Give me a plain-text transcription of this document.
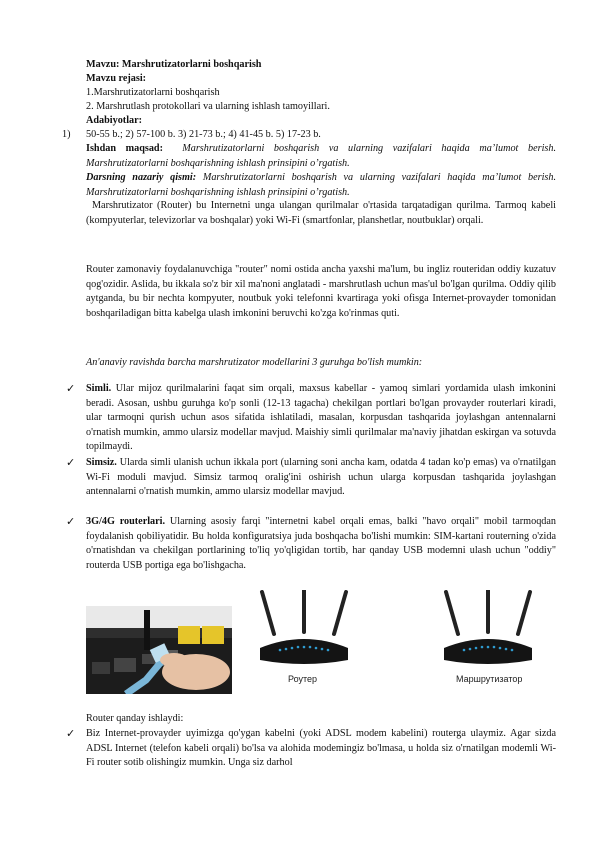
Mavzu: Marshrutizatorlarni boshqarish
Mavzu rejasi:
1.Marshrutizatorlarni boshqarish
2. Marshrutlash protokollari va ularning ishlash tamoyillari.
Adabiyotlar:
1) 50-55 b.; 2) 57-100 b. 3) 21-73 b.; 4) 41-45 b. 5) 17-23 b.
Ishdan maqsad: Marshrutizatorlarni boshqarish va ularning vazifalari haqida ma’lumot berish. Marshrutizatorlarni boshqarishning ishlash prinsipini o’rgatish.
Darsning nazariy qismi: Marshrutizatorlarni boshqarish va ularning vazifalari haqida ma’lumot berish. Marshrutizatorlarni boshqarishning ishlash prinsipini o’rgatish.
Marshrutizator (Router) bu Internetni unga ulangan qurilmalar o'rtasida tarqatadigan qurilma. Tarmoq kabeli (kompyuterlar, televizorlar va boshqalar) yoki Wi-Fi (smartfonlar, planshetlar, noutbuklar) orqali.
Router zamonaviy foydalanuvchiga "router" nomi ostida ancha yaxshi ma'lum, bu ingliz routeridan oddiy kuzatuv qog'ozidir. Aslida, bu ikkala so'z bir xil ma'noni anglatadi - marshrutlash uchun mas'ul bo'lgan qurilma. Oddiy qilib aytganda, bu bir nechta kompyuter, noutbuk yoki telefonni kvartiraga yoki ofisga Internet-provayder tomonidan boshqariladigan bitta kabelga ulash imkonini beruvchi ko'zga ko'rinmas quti.
An'anaviy ravishda barcha marshrutizator modellarini 3 guruhga bo'lish mumkin:
✓ Simli. Ular mijoz qurilmalarini faqat sim orqali, maxsus kabellar - yamoq simlari yordamida ulash imkonini beradi. Asosan, ushbu guruhga ko'p sonli (12-13 tagacha) chekilgan portlari bo'lgan provayder routerlari kiradi, ular tarmoqni qurish uchun asos sifatida ishlatiladi, masalan, korpusdan tashqarida joylashgan antennalarni o'rnatish mumkin, ammo ularsiz modellar mavjud. Maishiy simli qurilmalar ma'naviy jihatdan eskirgan va sotuvda topilmaydi.
✓ Simsiz. Ularda simli ulanish uchun ikkala port (ularning soni ancha kam, odatda 4 tadan ko'p emas) va o'rnatilgan Wi-Fi moduli mavjud. Simsiz tarmoq oralig'ini oshirish uchun ularga korpusdan tashqarida joylashgan antennalarni o'rnatish mumkin, ammo ularsiz modellar mavjud.
✓ 3G/4G routerlari. Ularning asosiy farqi "internetni kabel orqali emas, balki "havo orqali" mobil tarmoqdan foydalanish qobiliyatidir. Bu holda konfiguratsiya juda boshqacha bo'lishi mumkin: SIM-kartani routerning o'zida o'rnatishdan va chekilgan portlarining to'liq yo'qligidan tortib, har qanday USB modemni ulash uchun "oddiy" routerda USB portiga ega bo'lishgacha.
Роутер	Маршрутизатор
Router qanday ishlaydi:
✓ Biz Internet-provayder uyimizga qo'ygan kabelni (yoki ADSL modem kabelini) routerga ulaymiz. Agar sizda ADSL Internet (telefon kabeli orqali) bo'lsa va alohida modemingiz bo'lmasa, u holda siz o'rnatilgan modemli Wi-Fi router sotib olishingiz mumkin. Unga siz darhol
